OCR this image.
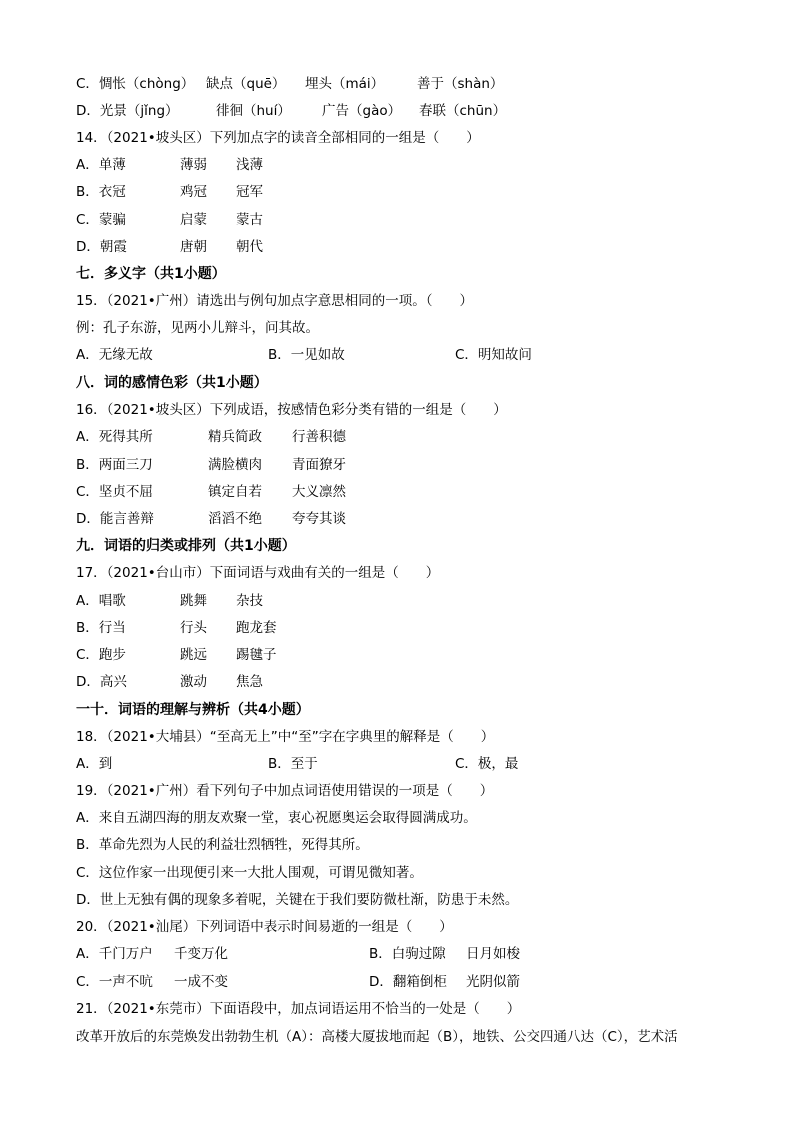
C．惆怅（chòng） 缺点（quē） 埋头（mái） 善于（shàn）
D．光景（jǐng）	徘徊（huí） 广告（gào） 春联（chūn）
14．（2021•坡头区）下列加点字的读音全部相同的一组是（　　）
A．单薄	薄弱 浅薄
B．衣冠	鸡冠 冠军
C．蒙骗	启蒙 蒙古
D．朝霞	唐朝 朝代
七．多义字（共1小题）
15．（2021•广州）请选出与例句加点字意思相同的一项。（　　）
例：孔子东游，见两小儿辩斗，问其故。
A．无缘无故	B．一见如故	C．明知故问
八．词的感情色彩（共1小题）
16．（2021•坡头区）下列成语，按感情色彩分类有错的一组是（　　）
A．死得其所	精兵简政 行善积德
B．两面三刀	满脸横肉 青面獠牙
C．坚贞不屈	镇定自若 大义凛然
D．能言善辩	滔滔不绝 夸夸其谈
九．词语的归类或排列（共1小题）
17．（2021•台山市）下面词语与戏曲有关的一组是（　　）
A．唱歌	跳舞 杂技
B．行当	行头 跑龙套
C．跑步	跳远 踢毽子
D．高兴	激动 焦急
一十．词语的理解与辨析（共4小题）
18．（2021•大埔县）“至高无上”中“至”字在字典里的解释是（　　）
A．到	B．至于	C．极，最
19．（2021•广州）看下列句子中加点词语使用错误的一项是（　　）
A．来自五湖四海的朋友欢聚一堂，衷心祝愿奥运会取得圆满成功。
B．革命先烈为人民的利益壮烈牺牲，死得其所。
C．这位作家一出现便引来一大批人围观，可谓见微知著。
D．世上无独有偶的现象多着呢，关键在于我们要防微杜渐，防患于未然。
20．（2021•汕尾）下列词语中表示时间易逝的一组是（　　）
A．千门万户 千变万化	B．白驹过隙 日月如梭
C．一声不吭 一成不变	D．翻箱倒柜 光阴似箭
21．（2021•东莞市）下面语段中，加点词语运用不恰当的一处是（　　）
改革开放后的东莞焕发出勃勃生机（A）：高楼大厦拔地而起（B），地铁、公交四通八达（C），艺术活
